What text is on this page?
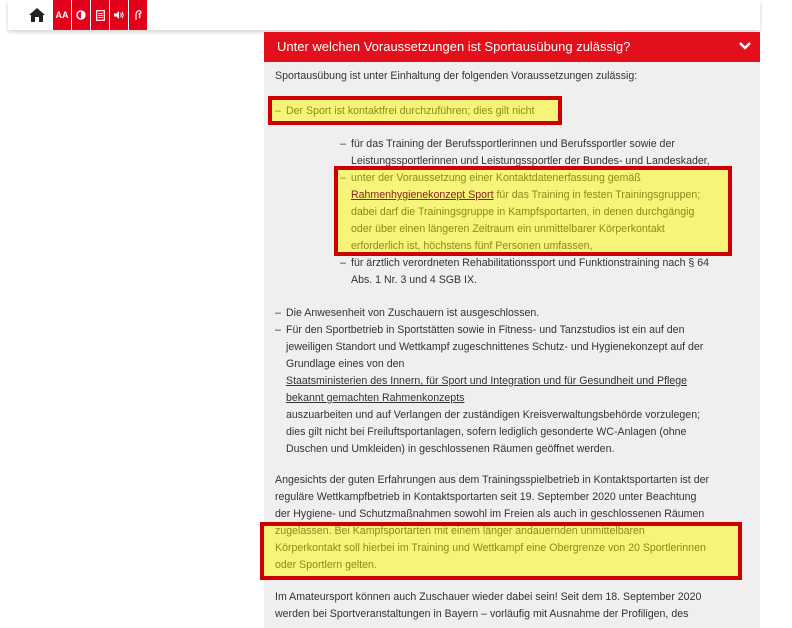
AA
Unter welchen Voraussetzungen ist Sportausübung zulässig?

Sportausübung ist unter Einhaltung der folgenden Voraussetzungen zulässig:

– Der Sport ist kontaktfrei durchzuführen; dies gilt nicht

– für das Training der Berufssportlerinnen und Berufssportler sowie der

Leistungssportlerinnen und Leistungssportler der Bundes- und Landeskader,

– unter der Voraussetzung einer Kontaktdatenerfassung gemäß

Rahmenhygienekonzept Sport für das Training in festen Trainingsgruppen;

dabei darf die Trainingsgruppe in Kampfsportarten, in denen durchgängig

oder über einen längeren Zeitraum ein unmittelbarer Körperkontakt

erforderlich ist, höchstens fünf Personen umfassen,

– für ärztlich verordneten Rehabilitationssport und Funktionstraining nach § 64

Abs. 1 Nr. 3 und 4 SGB IX.

– Die Anwesenheit von Zuschauern ist ausgeschlossen.

– Für den Sportbetrieb in Sportstätten sowie in Fitness- und Tanzstudios ist ein auf den

jeweiligen Standort und Wettkampf zugeschnittenes Schutz- und Hygienekonzept auf der

Grundlage eines von den

Staatsministerien des Innern, für Sport und Integration und für Gesundheit und Pflege

bekannt gemachten Rahmenkonzepts

auszuarbeiten und auf Verlangen der zuständigen Kreisverwaltungsbehörde vorzulegen;

dies gilt nicht bei Freiluftsportanlagen, sofern lediglich gesonderte WC-Anlagen (ohne

Duschen und Umkleiden) in geschlossenen Räumen geöffnet werden.

Angesichts der guten Erfahrungen aus dem Trainingsspielbetrieb in Kontaktsportarten ist der

reguläre Wettkampfbetrieb in Kontaktsportarten seit 19. September 2020 unter Beachtung

der Hygiene- und Schutzmaßnahmen sowohl im Freien als auch in geschlossenen Räumen

zugelassen. Bei Kampfsportarten mit einem länger andauernden unmittelbaren

Körperkontakt soll hierbei im Training und Wettkampf eine Obergrenze von 20 Sportlerinnen

oder Sportlern gelten.

Im Amateursport können auch Zuschauer wieder dabei sein! Seit dem 18. September 2020

werden bei Sportveranstaltungen in Bayern – vorläufig mit Ausnahme der Profiligen, des
